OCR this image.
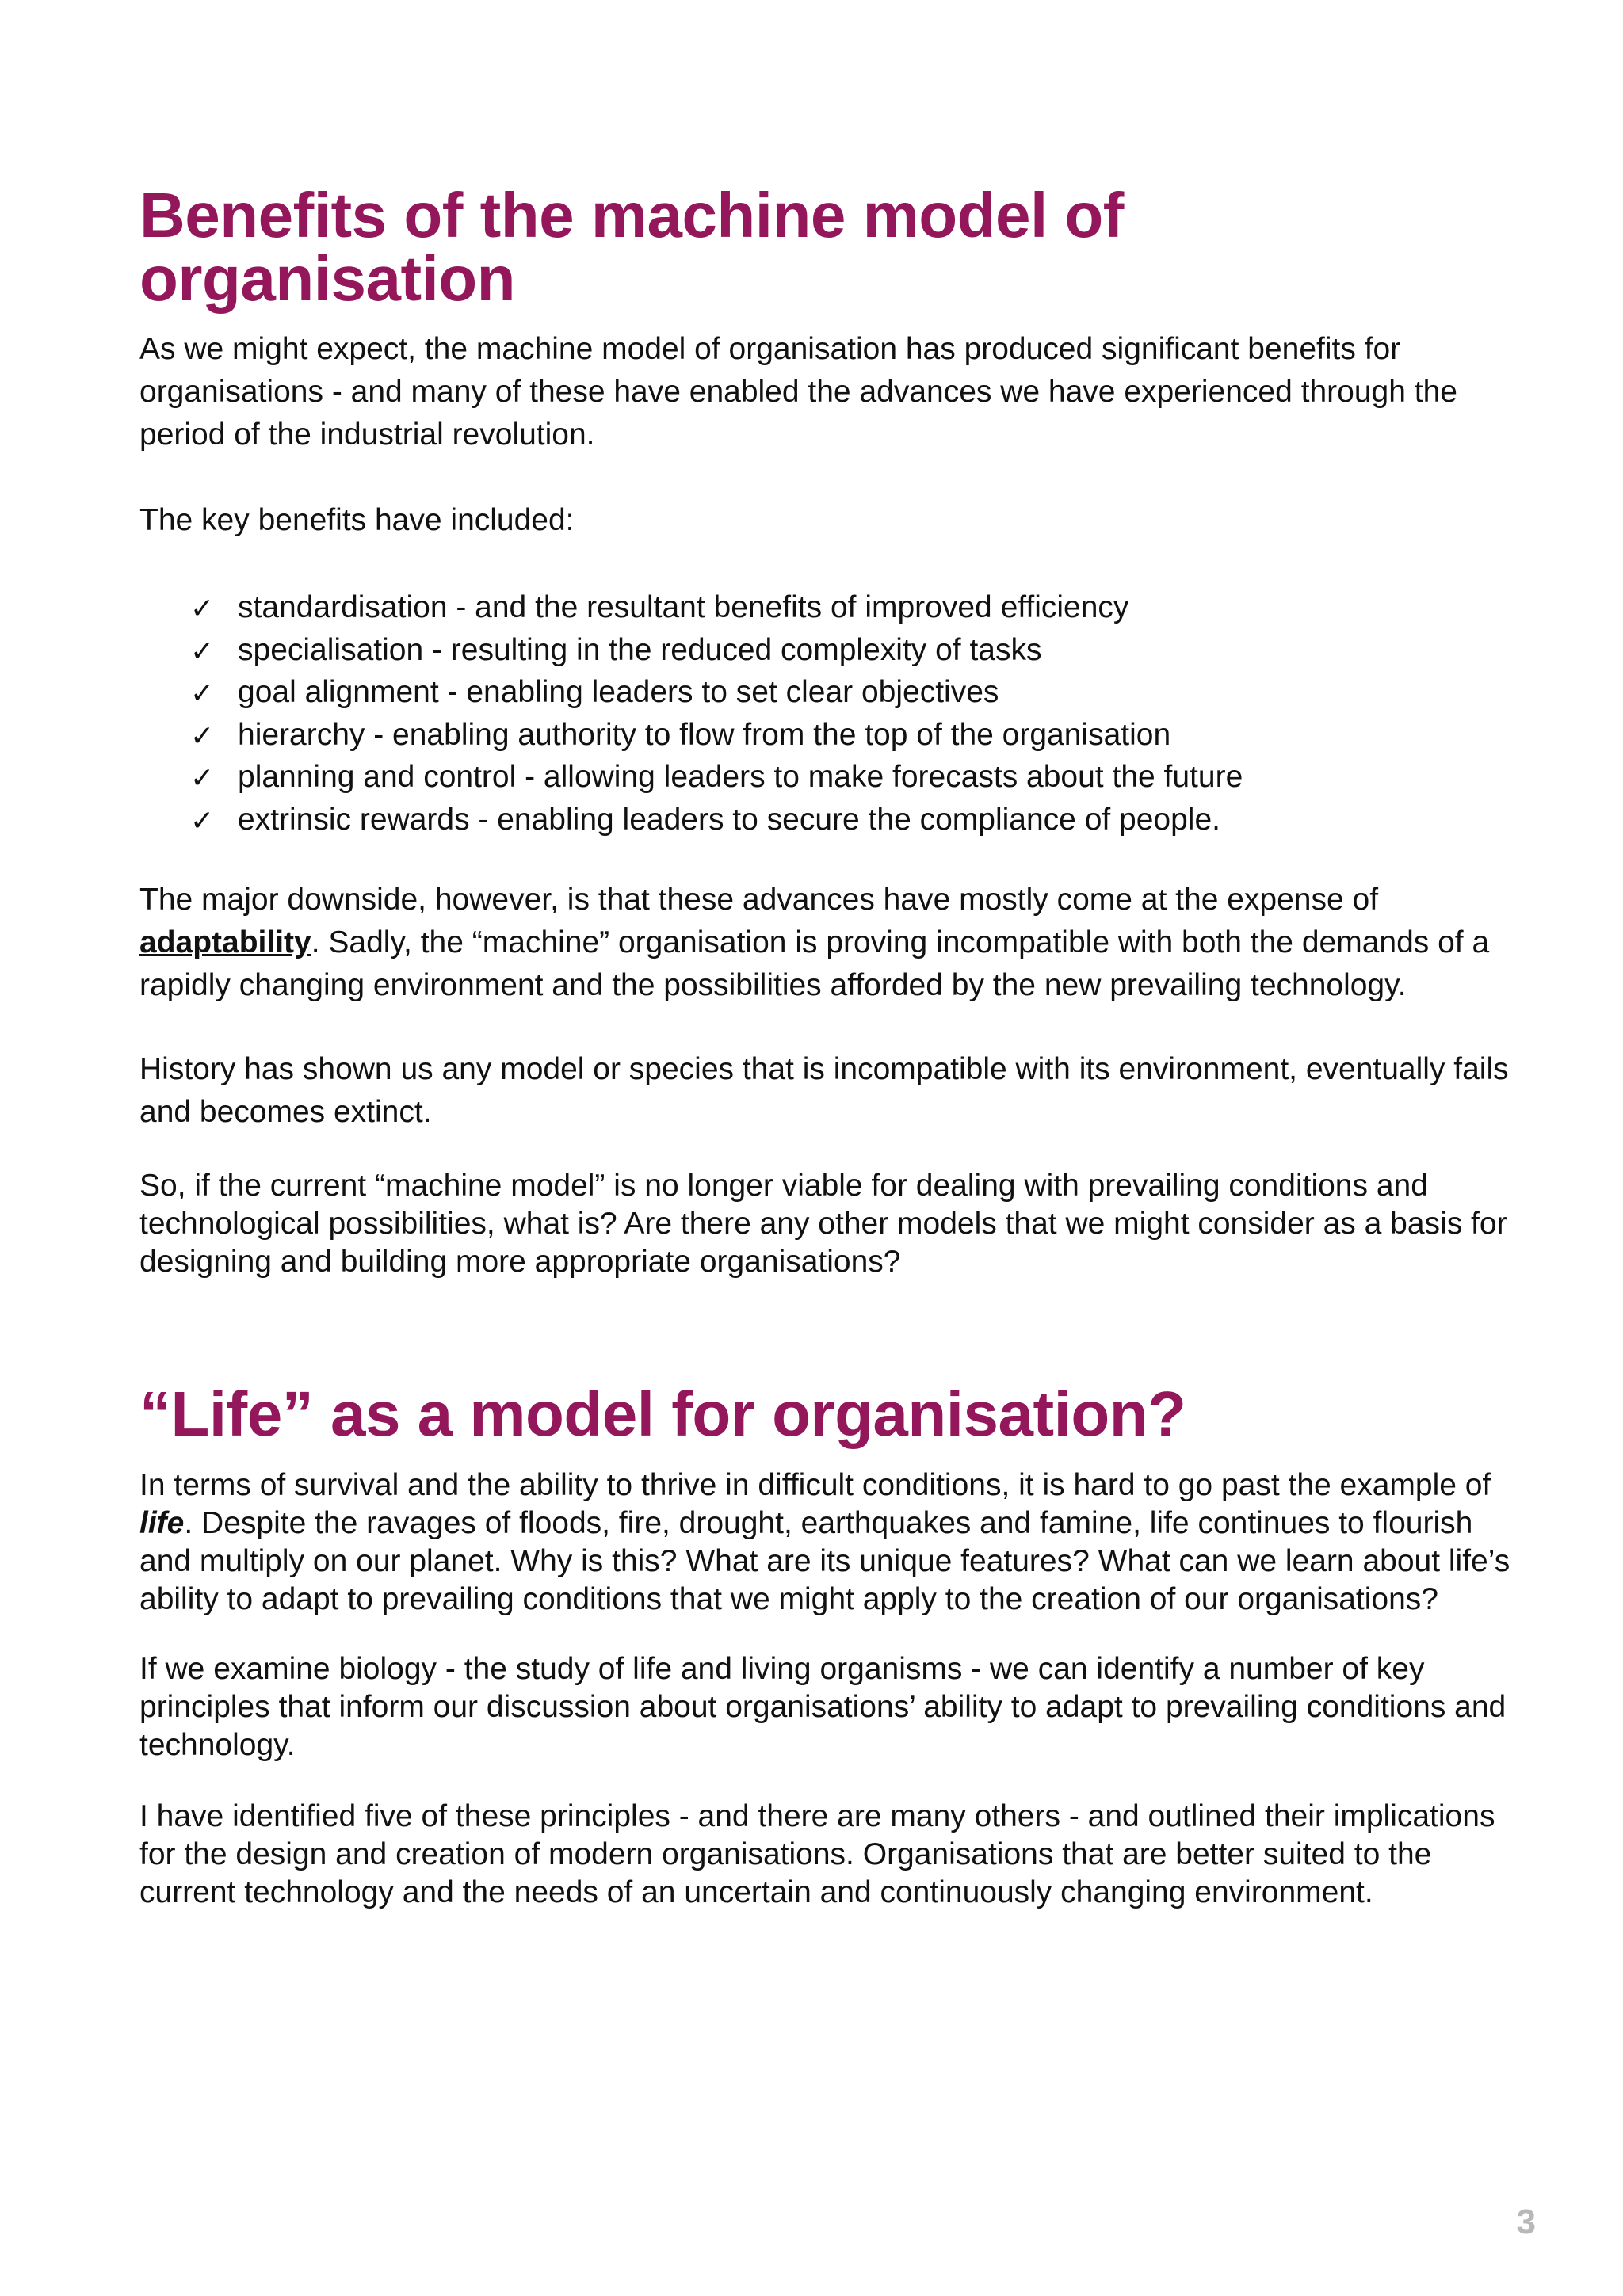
Benefits of the machine model of
organisation

As we might expect, the machine model of organisation has produced significant benefits for organisations - and many of these have enabled the advances we have experienced through the period of the industrial revolution.

The key benefits have included:

✓ standardisation - and the resultant benefits of improved efficiency
✓ specialisation - resulting in the reduced complexity of tasks
✓ goal alignment - enabling leaders to set clear objectives
✓ hierarchy - enabling authority to flow from the top of the organisation
✓ planning and control - allowing leaders to make forecasts about the future
✓ extrinsic rewards - enabling leaders to secure the compliance of people.

The major downside, however, is that these advances have mostly come at the expense of adaptability. Sadly, the “machine” organisation is proving incompatible with both the demands of a rapidly changing environment and the possibilities afforded by the new prevailing technology.

History has shown us any model or species that is incompatible with its environment, eventually fails and becomes extinct.

So, if the current “machine model” is no longer viable for dealing with prevailing conditions and technological possibilities, what is? Are there any other models that we might consider as a basis for designing and building more appropriate organisations?

“Life” as a model for organisation?

In terms of survival and the ability to thrive in difficult conditions, it is hard to go past the example of life. Despite the ravages of floods, fire, drought, earthquakes and famine, life continues to flourish and multiply on our planet. Why is this? What are its unique features? What can we learn about life’s ability to adapt to prevailing conditions that we might apply to the creation of our organisations?

If we examine biology - the study of life and living organisms - we can identify a number of key principles that inform our discussion about organisations’ ability to adapt to prevailing conditions and technology.

I have identified five of these principles - and there are many others - and outlined their implications for the design and creation of modern organisations. Organisations that are better suited to the current technology and the needs of an uncertain and continuously changing environment.

3
